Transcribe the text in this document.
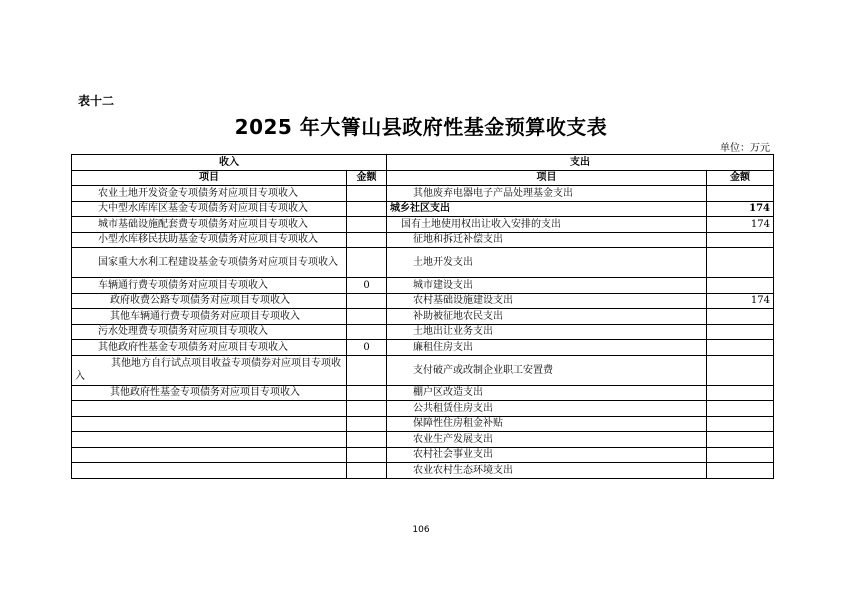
表十二
2025 年大箐山县政府性基金预算收支表
单位：万元
收入		支出	
项目	金额	项目	金额
农业土地开发资金专项债务对应项目专项收入		其他废弃电器电子产品处理基金支出	
大中型水库库区基金专项债务对应项目专项收入		城乡社区支出	174
城市基础设施配套费专项债务对应项目专项收入		国有土地使用权出让收入安排的支出	174
小型水库移民扶助基金专项债务对应项目专项收入		征地和拆迁补偿支出	
国家重大水利工程建设基金专项债务对应项目专项收入		土地开发支出	
车辆通行费专项债务对应项目专项收入	0	城市建设支出	
政府收费公路专项债务对应项目专项收入		农村基础设施建设支出	174
其他车辆通行费专项债务对应项目专项收入		补助被征地农民支出	
污水处理费专项债务对应项目专项收入		土地出让业务支出	
其他政府性基金专项债务对应项目专项收入	0	廉租住房支出	
其他地方自行试点项目收益专项债券对应项目专项收入		支付破产或改制企业职工安置费	
其他政府性基金专项债务对应项目专项收入		棚户区改造支出	
		公共租赁住房支出	
		保障性住房租金补贴	
		农业生产发展支出	
		农村社会事业支出	
		农业农村生态环境支出	
106
